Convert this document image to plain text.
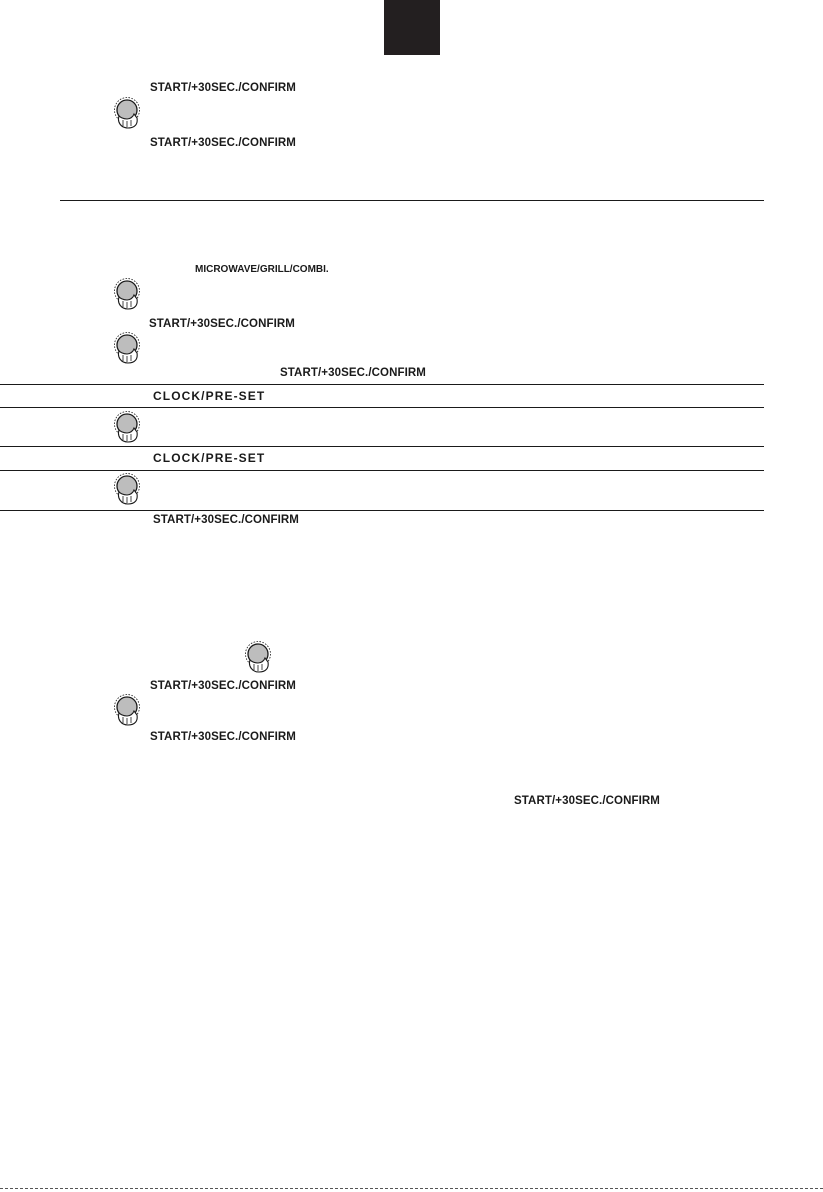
START/+30SEC./CONFIRM
START/+30SEC./CONFIRM
MICROWAVE/GRILL/COMBI.
START/+30SEC./CONFIRM
START/+30SEC./CONFIRM
CLOCK/PRE-SET
CLOCK/PRE-SET
START/+30SEC./CONFIRM
START/+30SEC./CONFIRM
START/+30SEC./CONFIRM
START/+30SEC./CONFIRM
